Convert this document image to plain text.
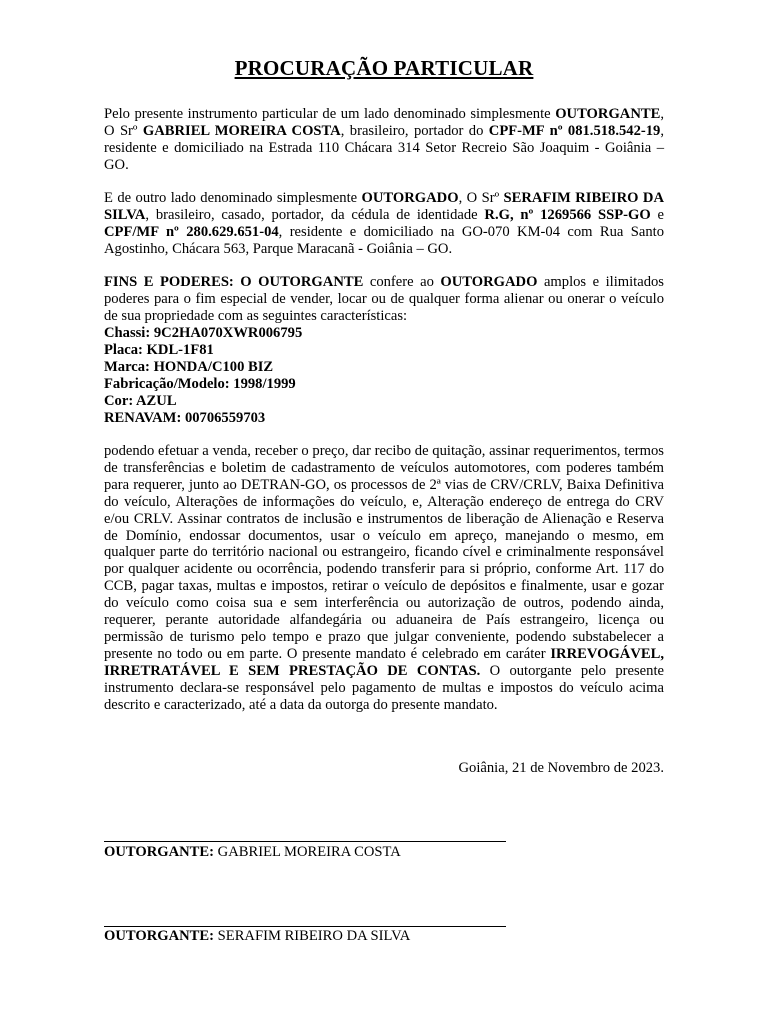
PROCURAÇÃO PARTICULAR

Pelo presente instrumento particular de um lado denominado simplesmente OUTORGANTE, O Srº GABRIEL MOREIRA COSTA, brasileiro, portador do CPF-MF nº 081.518.542-19, residente e domiciliado na Estrada 110 Chácara 314 Setor Recreio São Joaquim - Goiânia – GO.

E de outro lado denominado simplesmente OUTORGADO, O Srº SERAFIM RIBEIRO DA SILVA, brasileiro, casado, portador, da cédula de identidade R.G, nº 1269566 SSP-GO e CPF/MF nº 280.629.651-04, residente e domiciliado na GO-070 KM-04 com Rua Santo Agostinho, Chácara 563, Parque Maracanã - Goiânia – GO.

FINS E PODERES: O OUTORGANTE confere ao OUTORGADO amplos e ilimitados poderes para o fim especial de vender, locar ou de qualquer forma alienar ou onerar o veículo de sua propriedade com as seguintes características:

Chassi: 9C2HA070XWR006795
Placa: KDL-1F81
Marca: HONDA/C100 BIZ
Fabricação/Modelo: 1998/1999
Cor: AZUL
RENAVAM: 00706559703

podendo efetuar a venda, receber o preço, dar recibo de quitação, assinar requerimentos, termos de transferências e boletim de cadastramento de veículos automotores, com poderes também para requerer, junto ao DETRAN-GO, os processos de 2ª vias de CRV/CRLV, Baixa Definitiva do veículo, Alterações de informações do veículo, e, Alteração endereço de entrega do CRV e/ou CRLV. Assinar contratos de inclusão e instrumentos de liberação de Alienação e Reserva de Domínio, endossar documentos, usar o veículo em apreço, manejando o mesmo, em qualquer parte do território nacional ou estrangeiro, ficando cível e criminalmente responsável por qualquer acidente ou ocorrência, podendo transferir para si próprio, conforme Art. 117 do CCB, pagar taxas, multas e impostos, retirar o veículo de depósitos e finalmente, usar e gozar do veículo como coisa sua e sem interferência ou autorização de outros, podendo ainda, requerer, perante autoridade alfandegária ou aduaneira de País estrangeiro, licença ou permissão de turismo pelo tempo e prazo que julgar conveniente, podendo substabelecer a presente no todo ou em parte. O presente mandato é celebrado em caráter IRREVOGÁVEL, IRRETRATÁVEL E SEM PRESTAÇÃO DE CONTAS. O outorgante pelo presente instrumento declara-se responsável pelo pagamento de multas e impostos do veículo acima descrito e caracterizado, até a data da outorga do presente mandato.

Goiânia, 21 de Novembro de 2023.
OUTORGANTE: GABRIEL MOREIRA COSTA
OUTORGANTE: SERAFIM RIBEIRO DA SILVA
